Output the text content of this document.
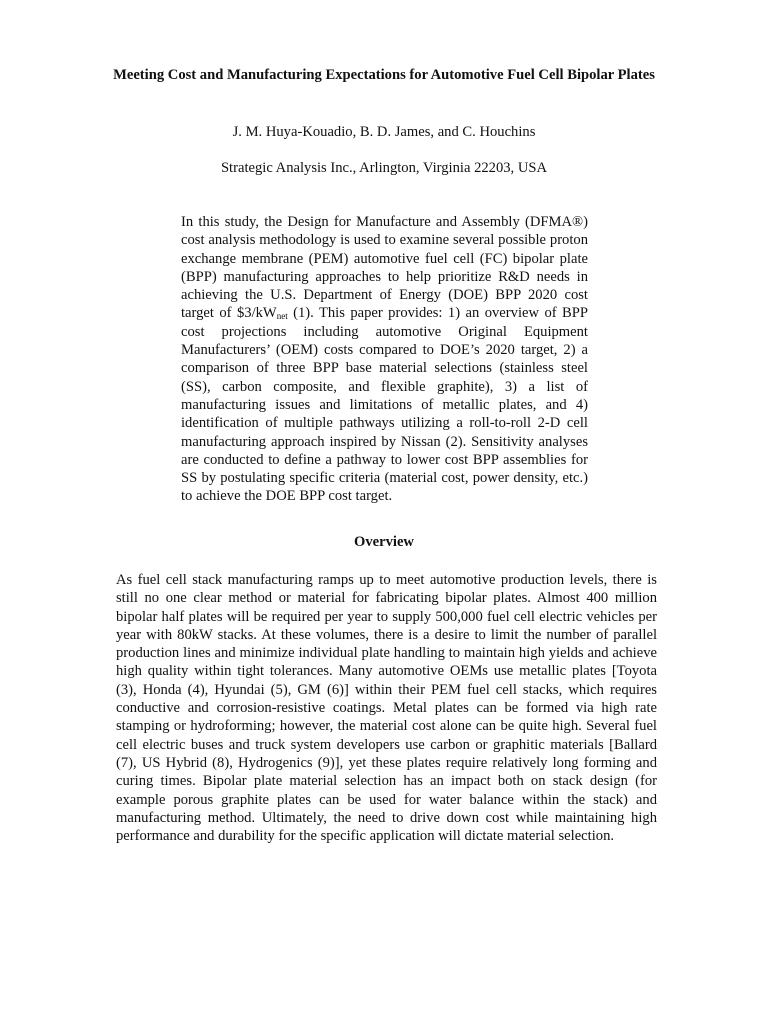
Meeting Cost and Manufacturing Expectations for Automotive Fuel Cell Bipolar Plates

J. M. Huya-Kouadio, B. D. James, and C. Houchins

Strategic Analysis Inc., Arlington, Virginia 22203, USA

In this study, the Design for Manufacture and Assembly (DFMA®) cost analysis methodology is used to examine several possible proton exchange membrane (PEM) automotive fuel cell (FC) bipolar plate (BPP) manufacturing approaches to help prioritize R&D needs in achieving the U.S. Department of Energy (DOE) BPP 2020 cost target of $\$3/kW_{net}$ (1). This paper provides: 1) an overview of BPP cost projections including automotive Original Equipment Manufacturers’ (OEM) costs compared to DOE’s 2020 target, 2) a comparison of three BPP base material selections (stainless steel (SS), carbon composite, and flexible graphite), 3) a list of manufacturing issues and limitations of metallic plates, and 4) identification of multiple pathways utilizing a roll-to-roll 2-D cell manufacturing approach inspired by Nissan (2). Sensitivity analyses are conducted to define a pathway to lower cost BPP assemblies for SS by postulating specific criteria (material cost, power density, etc.) to achieve the DOE BPP cost target.

Overview

As fuel cell stack manufacturing ramps up to meet automotive production levels, there is still no one clear method or material for fabricating bipolar plates. Almost 400 million bipolar half plates will be required per year to supply 500,000 fuel cell electric vehicles per year with 80kW stacks. At these volumes, there is a desire to limit the number of parallel production lines and minimize individual plate handling to maintain high yields and achieve high quality within tight tolerances. Many automotive OEMs use metallic plates [Toyota (3), Honda (4), Hyundai (5), GM (6)] within their PEM fuel cell stacks, which requires conductive and corrosion-resistive coatings. Metal plates can be formed via high rate stamping or hydroforming; however, the material cost alone can be quite high. Several fuel cell electric buses and truck system developers use carbon or graphitic materials [Ballard (7), US Hybrid (8), Hydrogenics (9)], yet these plates require relatively long forming and curing times. Bipolar plate material selection has an impact both on stack design (for example porous graphite plates can be used for water balance within the stack) and manufacturing method. Ultimately, the need to drive down cost while maintaining high performance and durability for the specific application will dictate material selection.
